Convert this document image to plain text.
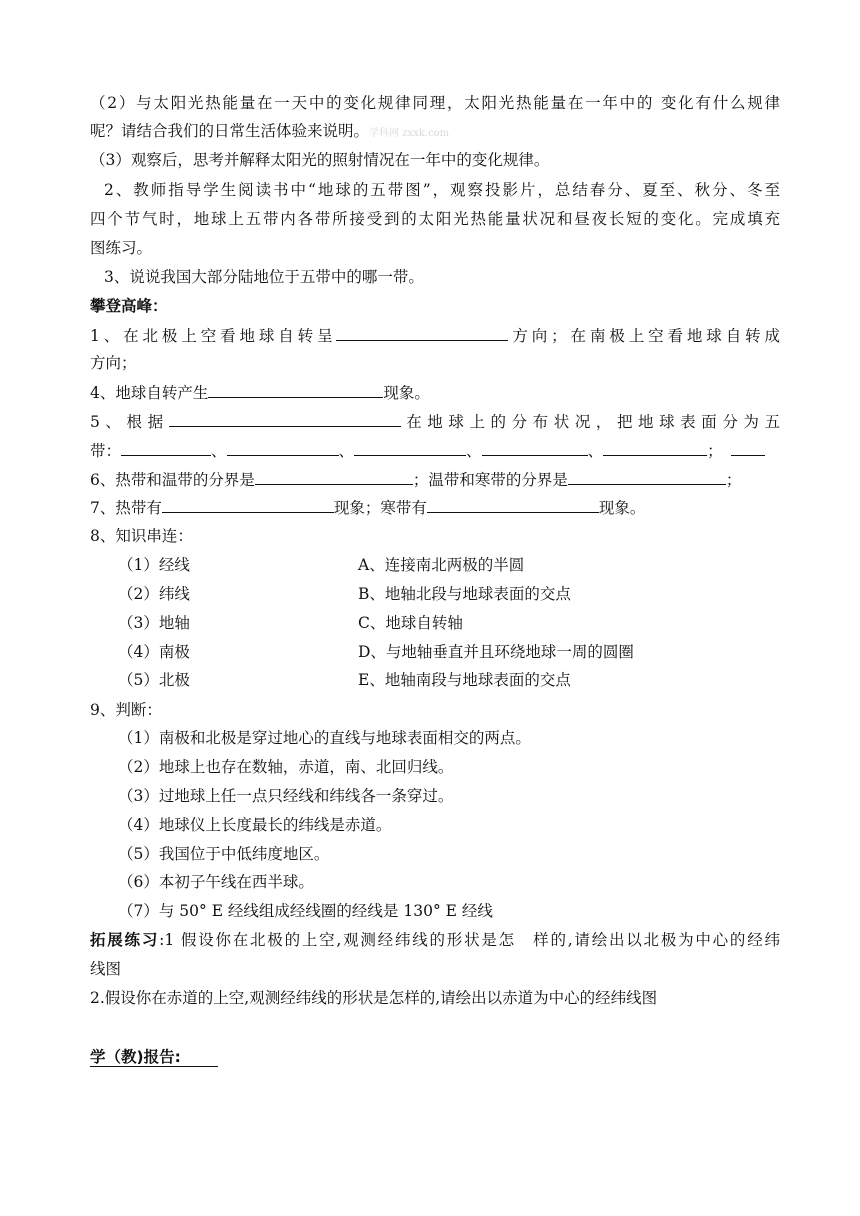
（2）与太阳光热能量在一天中的变化规律同理，太阳光热能量在一年中的 变化有什么规律
呢？请结合我们的日常生活体验来说明。学科网 zxxk.com
（3）观察后，思考并解释太阳光的照射情况在一年中的变化规律。
2、教师指导学生阅读书中“地球的五带图”，观察投影片，总结春分、夏至、秋分、冬至
四个节气时，地球上五带内各带所接受到的太阳光热能量状况和昼夜长短的变化。完成填充
图练习。
3、说说我国大部分陆地位于五带中的哪一带。
攀登高峰：
1、在北极上空看地球自转呈	方向；在南极上空看地球自转成
方向；
4、地球自转产生	现象。
5、根据	在地球上的分布状况，把地球表面分为五
带：	、	、	、	、	；
6、热带和温带的分界是	；温带和寒带的分界是	；
7、热带有	现象；寒带有	现象。
8、知识串连：
（1）经线	A、连接南北两极的半圆
（2）纬线	B、地轴北段与地球表面的交点
（3）地轴	C、地球自转轴
（4）南极	D、与地轴垂直并且环绕地球一周的圆圈
（5）北极	E、地轴南段与地球表面的交点
9、判断：
（1）南极和北极是穿过地心的直线与地球表面相交的两点。
（2）地球上也存在数轴，赤道，南、北回归线。
（3）过地球上任一点只经线和纬线各一条穿过。
（4）地球仪上长度最长的纬线是赤道。
（5）我国位于中低纬度地区。
（6）本初子午线在西半球。
（7）与 50° E 经线组成经线圈的经线是 130° E 经线
拓展练习:1 假设你在北极的上空,观测经纬线的形状是怎　样的,请绘出以北极为中心的经纬
线图
2.假设你在赤道的上空,观测经纬线的形状是怎样的,请绘出以赤道为中心的经纬线图
学（教)报告:
